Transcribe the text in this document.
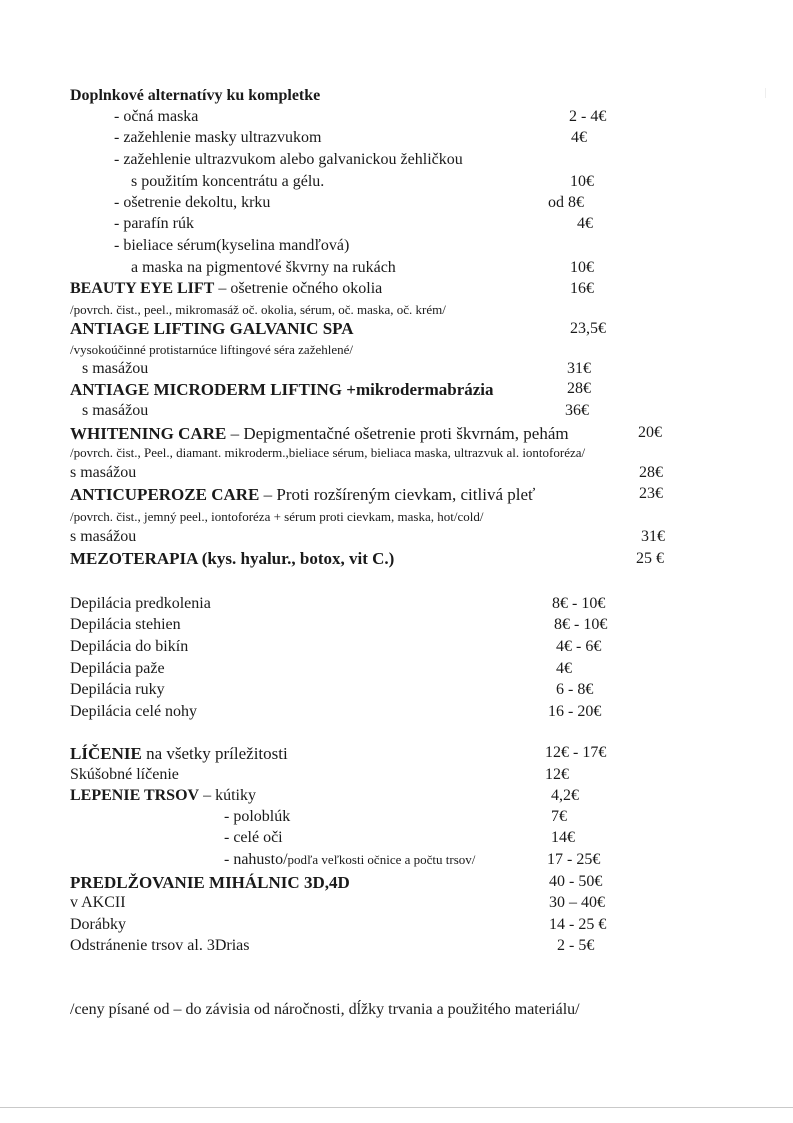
Doplnkové alternatívy ku kompletke
- očná maska	2 - 4€
- zažehlenie masky ultrazvukom	4€
- zažehlenie ultrazvukom alebo galvanickou žehličkou
s použitím koncentrátu a gélu.	10€
- ošetrenie dekoltu, krku	od 8€
- parafín rúk	4€
- bieliace sérum(kyselina mandľová)
a maska na pigmentové škvrny na rukách	10€
BEAUTY EYE LIFT – ošetrenie očného okolia	16€
/povrch. čist., peel., mikromasáž oč. okolia, sérum, oč. maska, oč. krém/
ANTIAGE LIFTING GALVANIC SPA	23,5€
/vysokoúčinné protistarnúce liftingové séra zažehlené/
s masážou	31€
ANTIAGE MICRODERM LIFTING +mikrodermabrázia	28€
s masážou	36€
WHITENING CARE – Depigmentačné ošetrenie proti škvrnám, pehám	20€
/povrch. čist., Peel., diamant. mikroderm.,bieliace sérum, bieliaca maska, ultrazvuk al. iontoforéza/
s masážou	28€
ANTICUPEROZE CARE – Proti rozšíreným cievkam, citlivá pleť	23€
/povrch. čist., jemný peel., iontoforéza + sérum proti cievkam, maska, hot/cold/
s masážou	31€
MEZOTERAPIA (kys. hyalur., botox, vit C.)	25 €
Depilácia predkolenia	8€ - 10€
Depilácia stehien	8€ - 10€
Depilácia do bikín	4€ - 6€
Depilácia paže	4€
Depilácia ruky	6 - 8€
Depilácia celé nohy	16 - 20€
LÍČENIE na všetky príležitosti	12€ - 17€
Skúšobné líčenie	12€
LEPENIE TRSOV – kútiky	4,2€
- poloblúk	7€
- celé oči	14€
- nahusto/podľa veľkosti očnice a počtu trsov/	17 - 25€
PREDLŽOVANIE MIHÁLNIC 3D,4D	40 - 50€
v AKCII	30 – 40€
Dorábky	14 - 25 €
Odstránenie trsov al. 3Drias	2 - 5€
/ceny písané od – do závisia od náročnosti, dĺžky trvania a použitého materiálu/
